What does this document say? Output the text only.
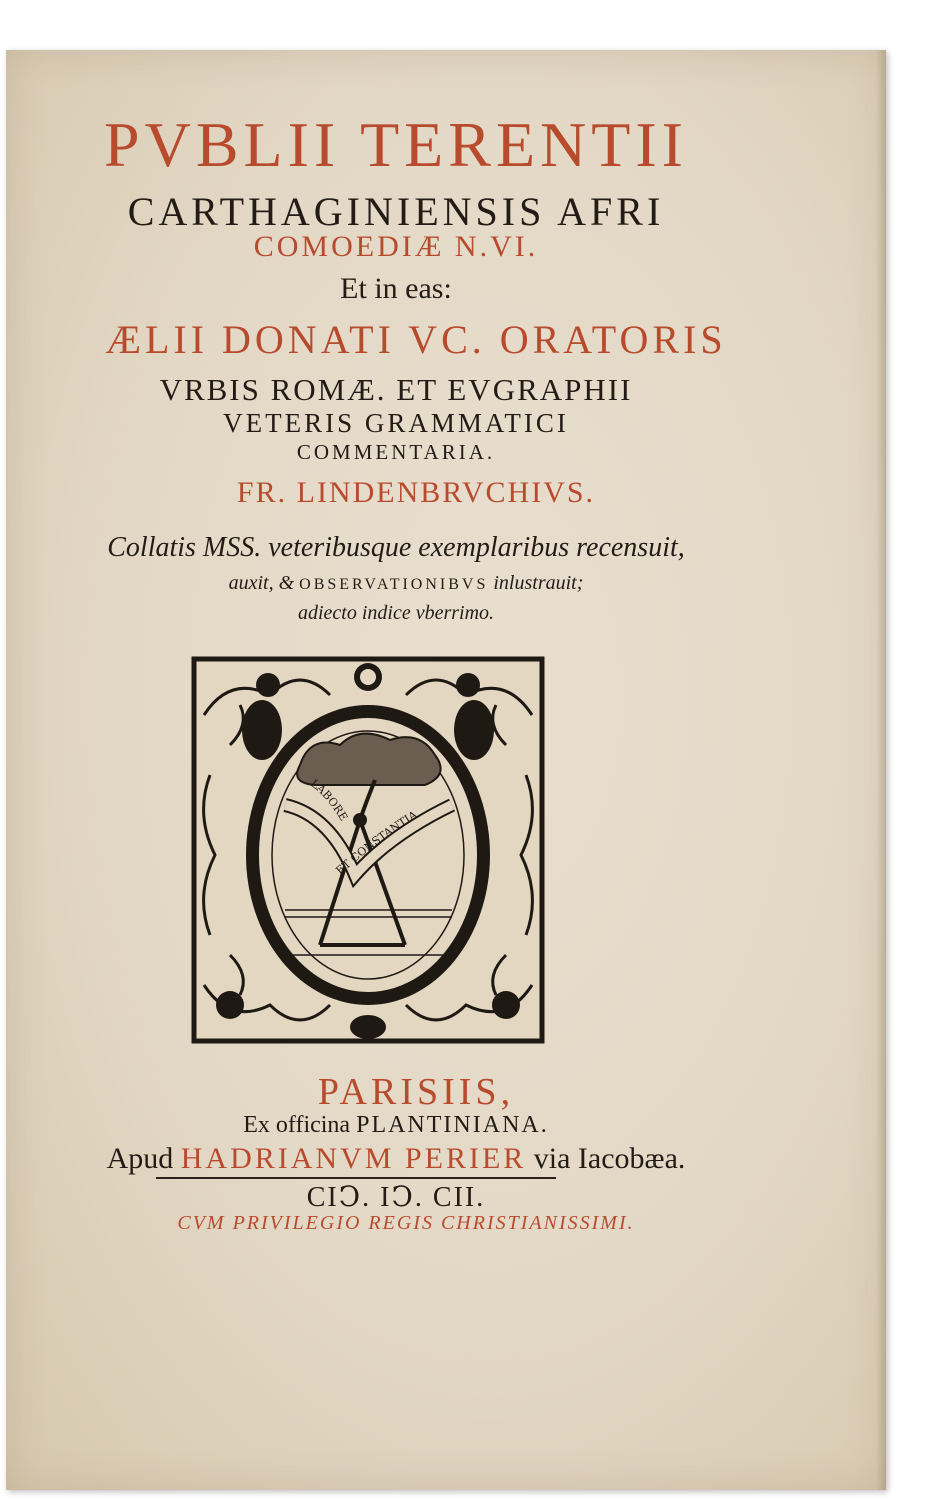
PVBLII TERENTII

CARTHAGINIENSIS AFRI

COMOEDIÆ N.VI.

Et in eas:

ÆLII DONATI VC. ORATORIS

VRBIS ROMÆ. ET EVGRAPHII

VETERIS GRAMMATICI

COMMENTARIA.

FR. LINDENBRVCHIVS.

Collatis MSS. veteribusque exemplaribus recensuit,

auxit, & OBSERVATIONIBVS inlustrauit;

adiecto indice vberrimo.

LABORE
ET CONSTANTIA

PARISIIS,

Ex officina PLANTINIANA.

Apud HADRIANVM PERIER via Iacobæa.

CIↃ. IↃ. CII.

CVM PRIVILEGIO REGIS CHRISTIANISSIMI.
